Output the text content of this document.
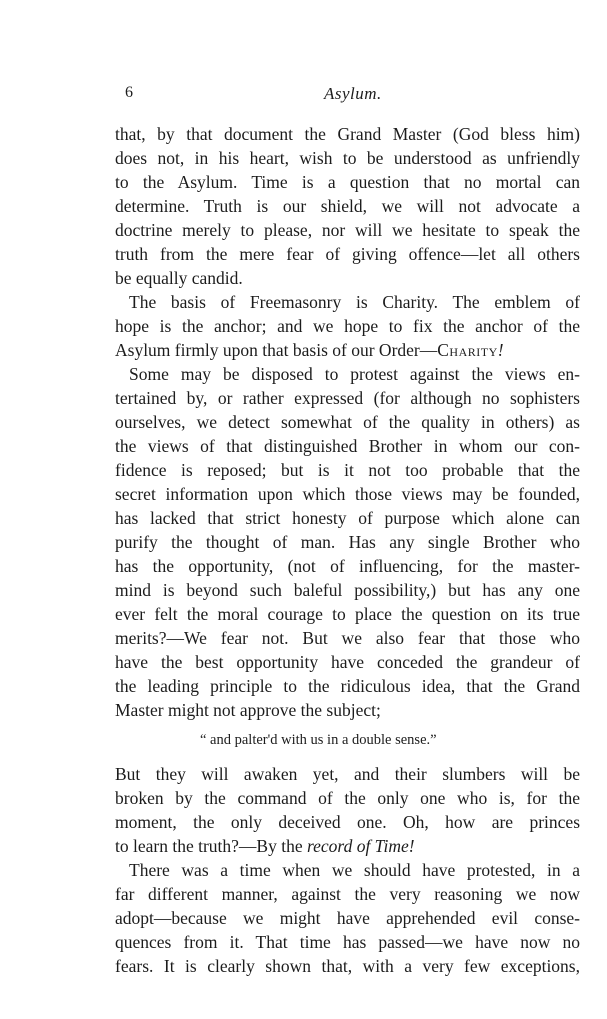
6	Asylum.
that, by that document the Grand Master (God bless him)
does not, in his heart, wish to be understood as unfriendly
to the Asylum. Time is a question that no mortal can
determine. Truth is our shield, we will not advocate a
doctrine merely to please, nor will we hesitate to speak the
truth from the mere fear of giving offence—let all others
be equally candid.
The basis of Freemasonry is Charity. The emblem of
hope is the anchor; and we hope to fix the anchor of the
Asylum firmly upon that basis of our Order—Charity!
Some may be disposed to protest against the views en-
tertained by, or rather expressed (for although no sophisters
ourselves, we detect somewhat of the quality in others) as
the views of that distinguished Brother in whom our con-
fidence is reposed; but is it not too probable that the
secret information upon which those views may be founded,
has lacked that strict honesty of purpose which alone can
purify the thought of man. Has any single Brother who
has the opportunity, (not of influencing, for the master-
mind is beyond such baleful possibility,) but has any one
ever felt the moral courage to place the question on its true
merits?—We fear not. But we also fear that those who
have the best opportunity have conceded the grandeur of
the leading principle to the ridiculous idea, that the Grand
Master might not approve the subject;
“ and palter'd with us in a double sense.”
But they will awaken yet, and their slumbers will be
broken by the command of the only one who is, for the
moment, the only deceived one. Oh, how are princes
to learn the truth?—By the record of Time!
There was a time when we should have protested, in a
far different manner, against the very reasoning we now
adopt—because we might have apprehended evil conse-
quences from it. That time has passed—we have now no
fears. It is clearly shown that, with a very few exceptions,
